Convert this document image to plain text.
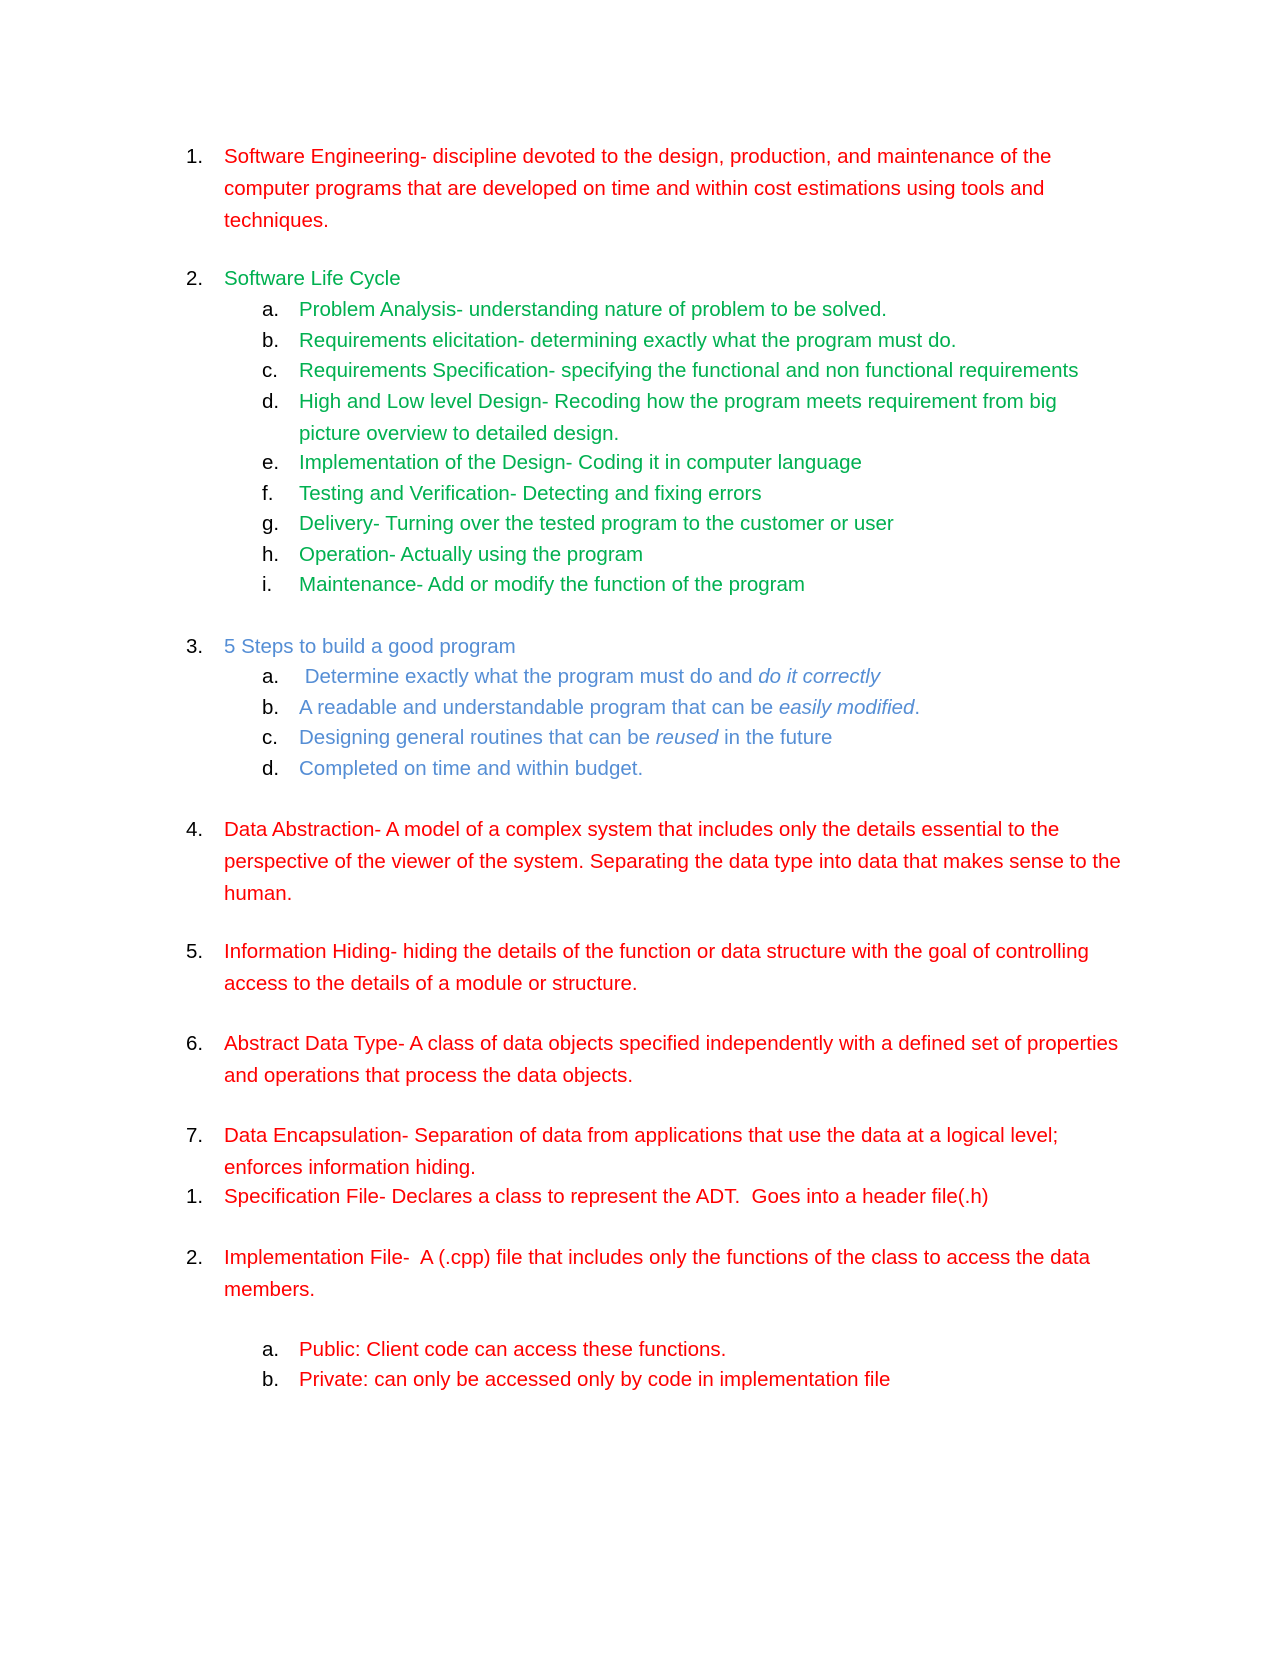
1.	Software Engineering- discipline devoted to the design, production, and maintenance of the computer programs that are developed on time and within cost estimations using tools and techniques.
2.	Software Life Cycle
a. Problem Analysis- understanding nature of problem to be solved.
b. Requirements elicitation- determining exactly what the program must do.
c.	Requirements Specification- specifying the functional and non functional requirements
d. High and Low level Design- Recoding how the program meets requirement from big picture overview to detailed design.
e. Implementation of the Design- Coding it in computer language
f.	Testing and Verification- Detecting and fixing errors
g. Delivery- Turning over the tested program to the customer or user
h. Operation- Actually using the program
i.	Maintenance- Add or modify the function of the program
3.	5 Steps to build a good program
a. Determine exactly what the program must do and do it correctly
b. A readable and understandable program that can be easily modified.
c.	Designing general routines that can be reused in the future
d. Completed on time and within budget.
4.	Data Abstraction- A model of a complex system that includes only the details essential to the perspective of the viewer of the system. Separating the data type into data that makes sense to the human.
5.	Information Hiding- hiding the details of the function or data structure with the goal of controlling access to the details of a module or structure.
6.	Abstract Data Type- A class of data objects specified independently with a defined set of properties and operations that process the data objects.
7.	Data Encapsulation- Separation of data from applications that use the data at a logical level; enforces information hiding.
1.	Specification File- Declares a class to represent the ADT.  Goes into a header file(.h)
2.	Implementation File-  A (.cpp) file that includes only the functions of the class to access the data members.
a. Public: Client code can access these functions.
b. Private: can only be accessed only by code in implementation file
